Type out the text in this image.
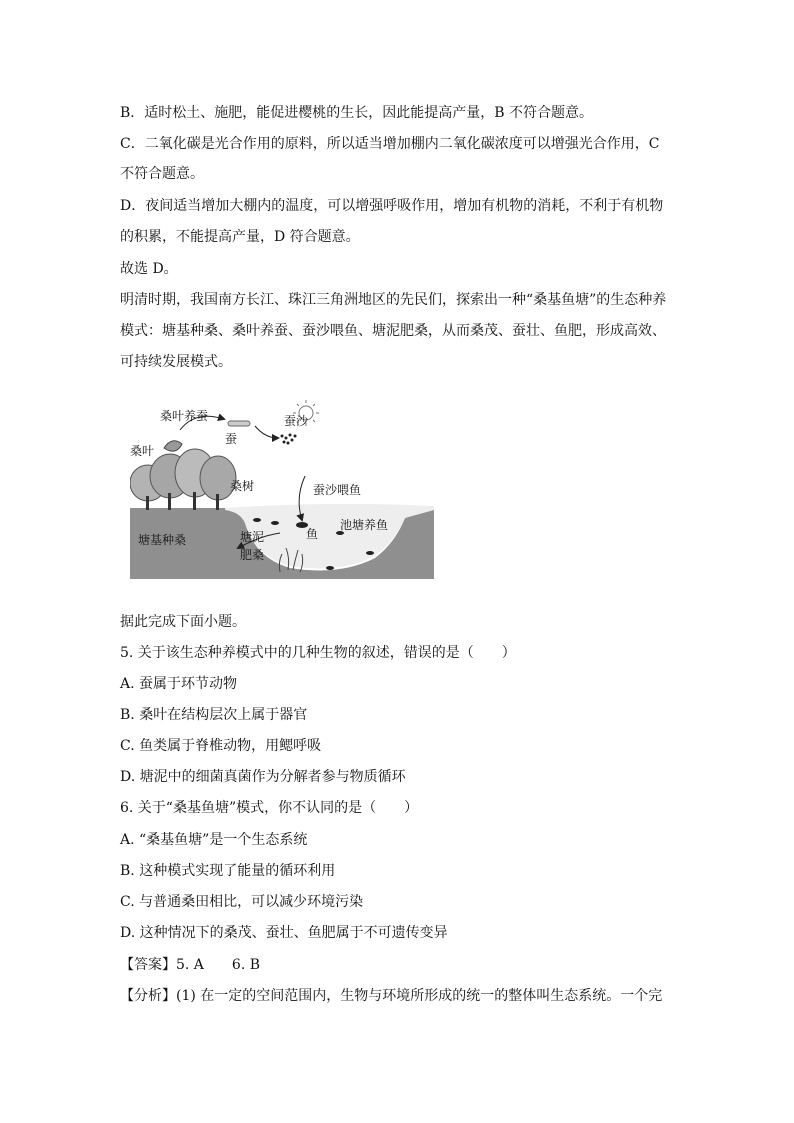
B．适时松土、施肥，能促进樱桃的生长，因此能提高产量，B 不符合题意。
C．二氧化碳是光合作用的原料，所以适当增加棚内二氧化碳浓度可以增强光合作用，C
不符合题意。
D．夜间适当增加大棚内的温度，可以增强呼吸作用，增加有机物的消耗，不利于有机物
的积累，不能提高产量，D 符合题意。
故选 D。
明清时期，我国南方长江、珠江三角洲地区的先民们，探索出一种“桑基鱼塘”的生态种养
模式：塘基种桑、桑叶养蚕、蚕沙喂鱼、塘泥肥桑，从而桑茂、蚕壮、鱼肥，形成高效、
可持续发展模式。
桑叶养蚕
桑叶
蚕
蚕沙
桑树	蚕沙喂鱼
池塘养鱼
塘基种桑	塘泥
肥桑
鱼
据此完成下面小题。
5. 关于该生态种养模式中的几种生物的叙述，错误的是（　　）
A. 蚕属于环节动物
B. 桑叶在结构层次上属于器官
C. 鱼类属于脊椎动物，用鳃呼吸
D. 塘泥中的细菌真菌作为分解者参与物质循环
6. 关于“桑基鱼塘”模式，你不认同的是（　　）
A. “桑基鱼塘”是一个生态系统
B. 这种模式实现了能量的循环利用
C. 与普通桑田相比，可以减少环境污染
D. 这种情况下的桑茂、蚕壮、鱼肥属于不可遗传变异
【答案】5. A　　6. B
【分析】(1) 在一定的空间范围内，生物与环境所形成的统一的整体叫生态系统。一个完
